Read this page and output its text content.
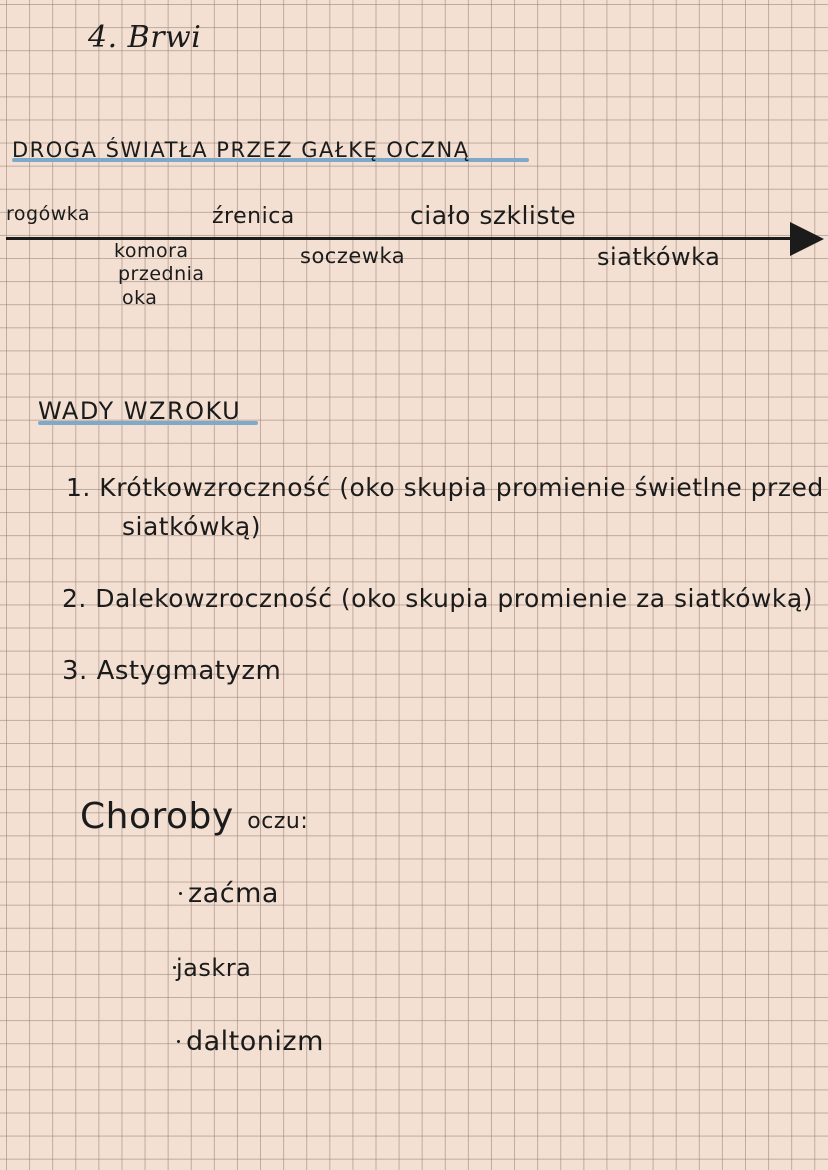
4. Brwi
DROGA ŚWIATŁA PRZEZ GAŁKĘ OCZNĄ
rogówka	źrenica	ciało szkliste
komora
przednia
oka
soczewka	siatkówka
WADY WZROKU
1. Krótkowzroczność (oko skupia promienie świetlne przed
siatkówką)
2. Dalekowzroczność (oko skupia promienie za siatkówką)
3. Astygmatyzm
Choroby oczu:
zaćma
jaskra
daltonizm
